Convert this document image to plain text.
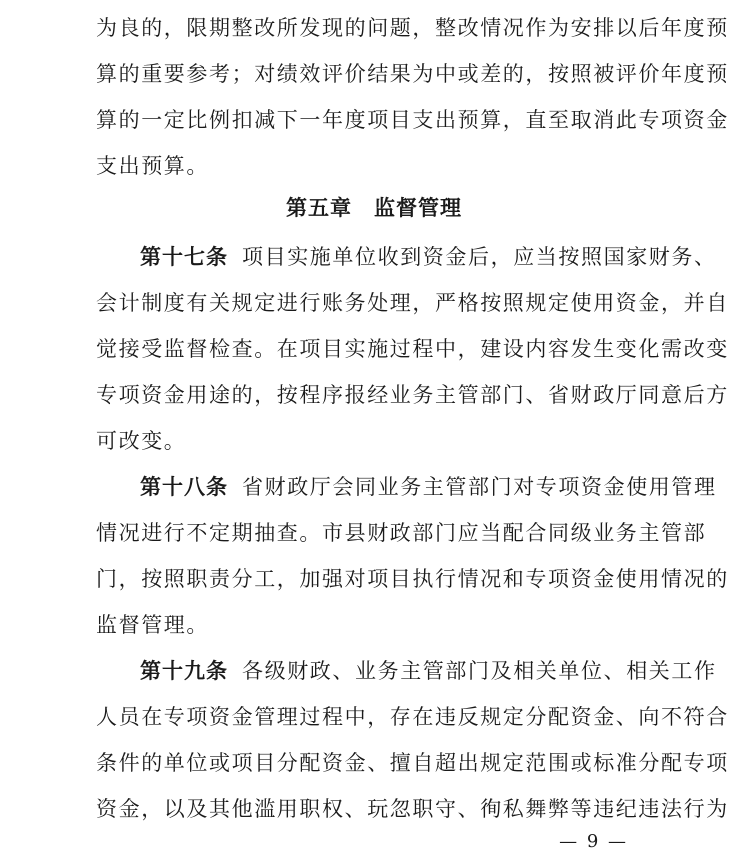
为良的，限期整改所发现的问题，整改情况作为安排以后年度预
算的重要参考；对绩效评价结果为中或差的，按照被评价年度预
算的一定比例扣减下一年度项目支出预算，直至取消此专项资金
支出预算。
第五章 监督管理
第十七条 项目实施单位收到资金后，应当按照国家财务、
会计制度有关规定进行账务处理，严格按照规定使用资金，并自
觉接受监督检查。在项目实施过程中，建设内容发生变化需改变
专项资金用途的，按程序报经业务主管部门、省财政厅同意后方
可改变。
第十八条 省财政厅会同业务主管部门对专项资金使用管理
情况进行不定期抽查。市县财政部门应当配合同级业务主管部
门，按照职责分工，加强对项目执行情况和专项资金使用情况的
监督管理。
第十九条 各级财政、业务主管部门及相关单位、相关工作
人员在专项资金管理过程中，存在违反规定分配资金、向不符合
条件的单位或项目分配资金、擅自超出规定范围或标准分配专项
资金，以及其他滥用职权、玩忽职守、徇私舞弊等违纪违法行为
— 9 —
